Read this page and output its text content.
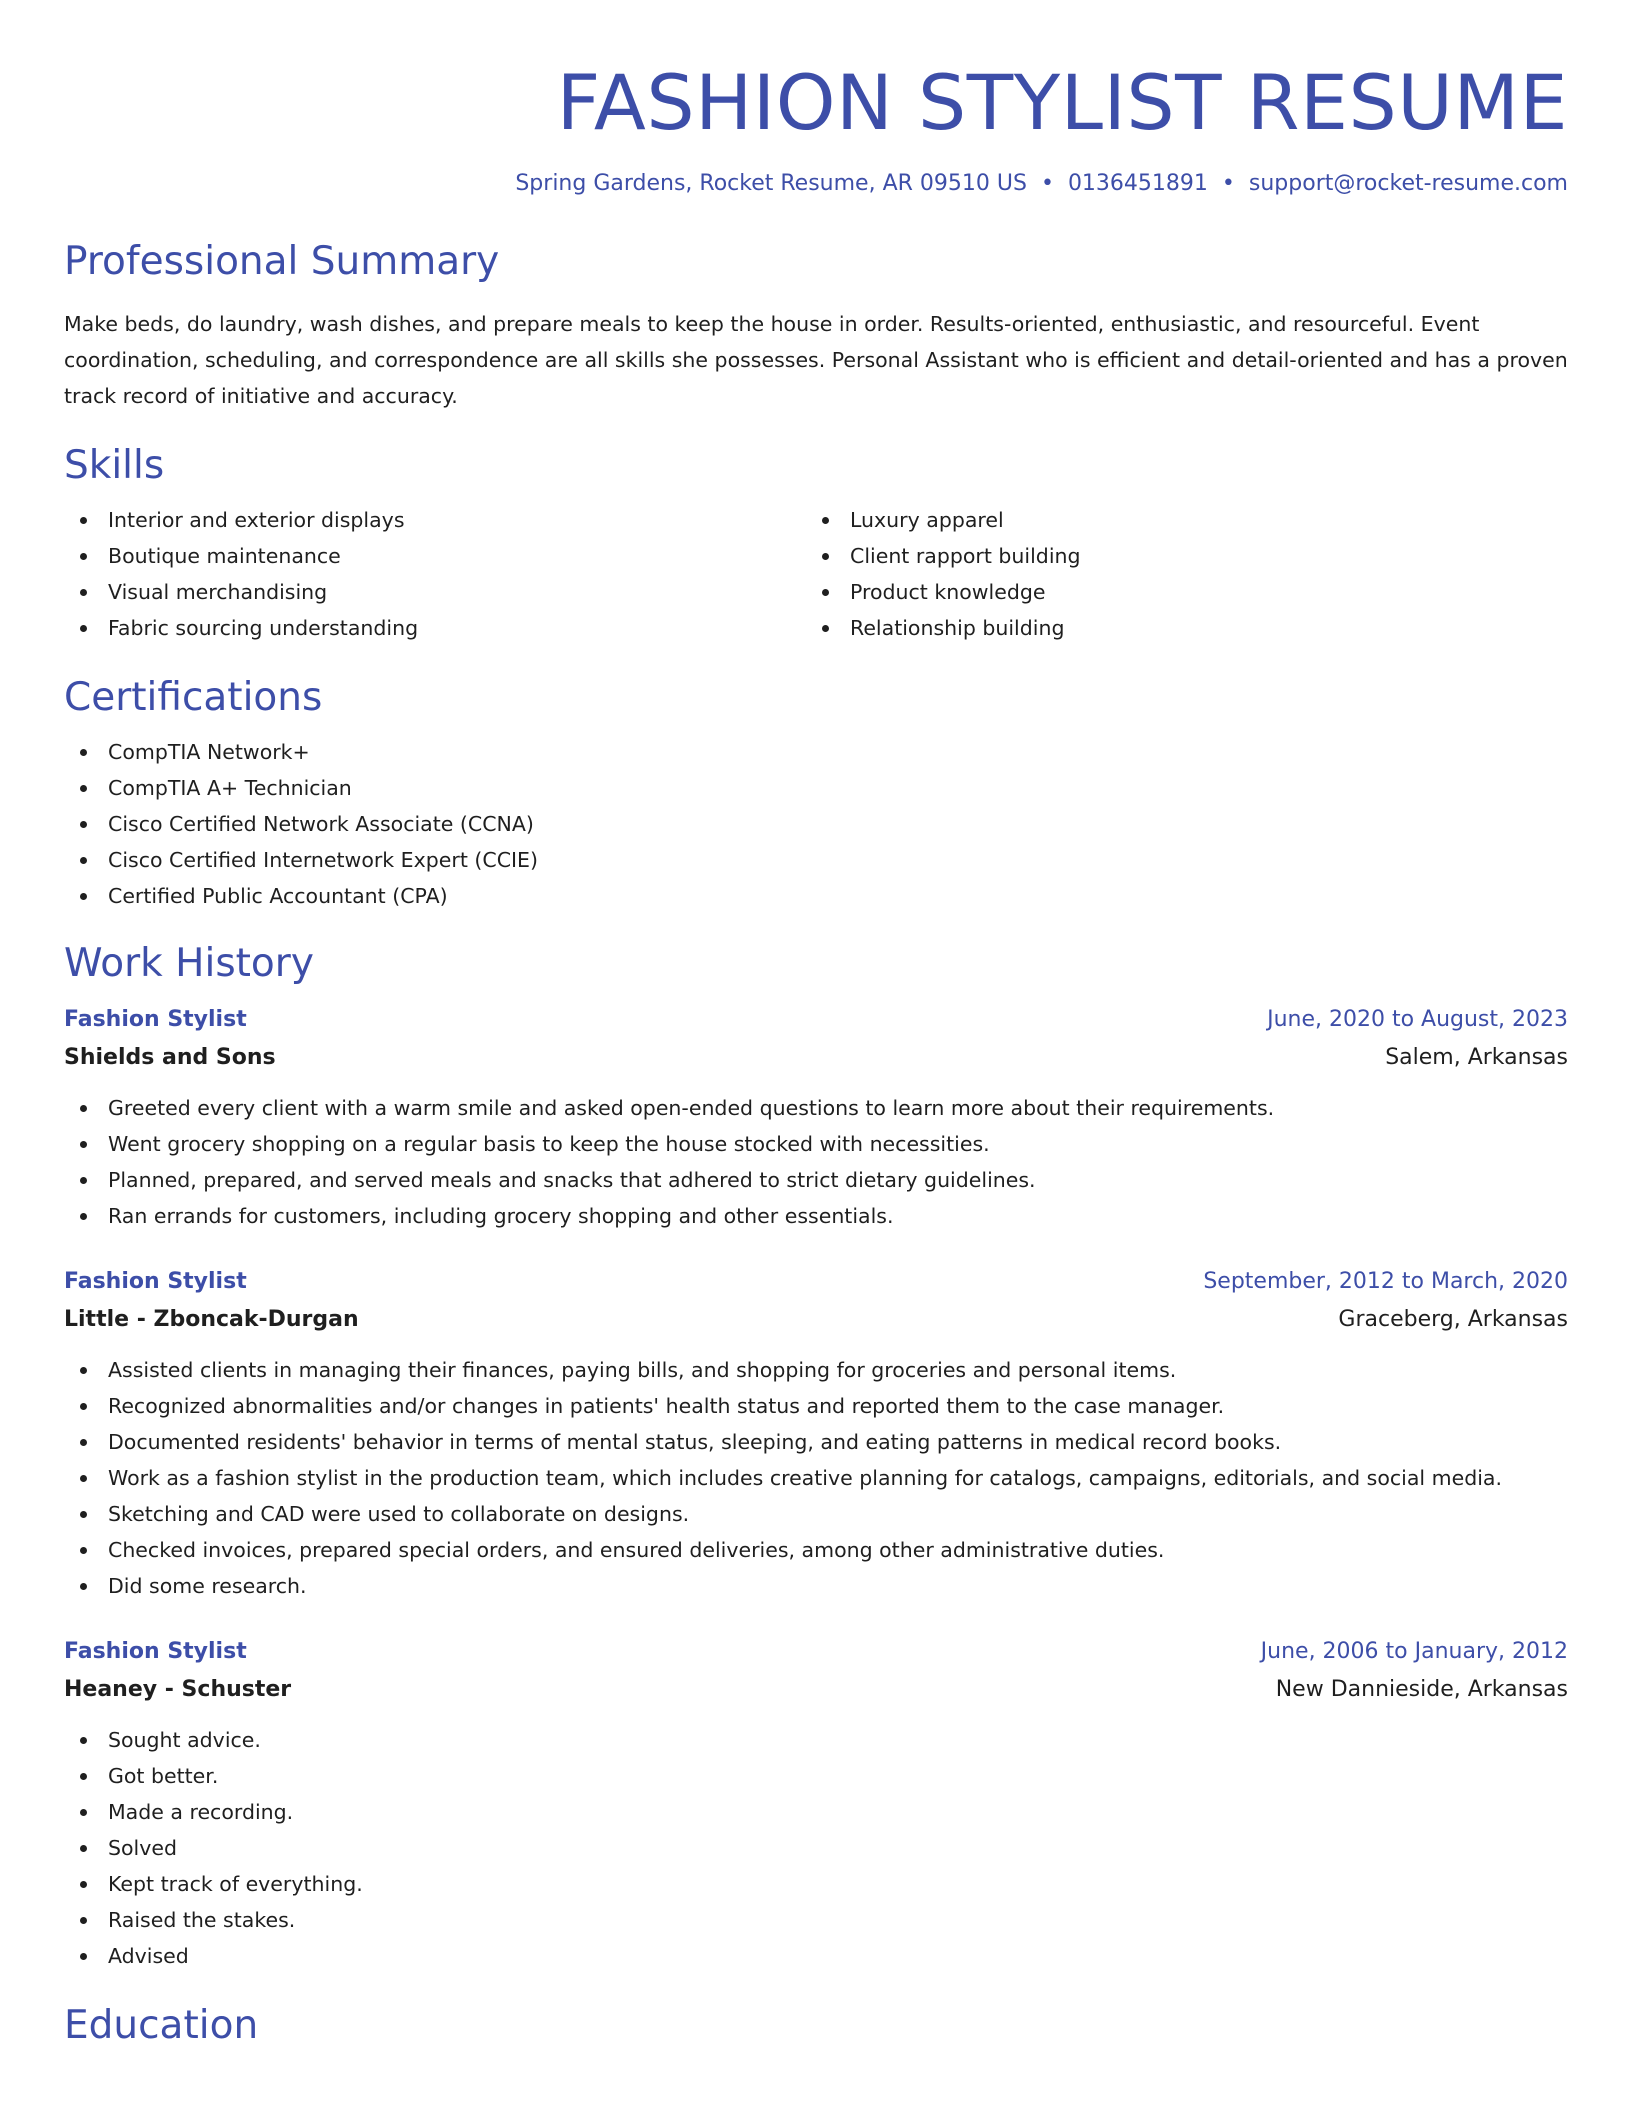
FASHION STYLIST RESUME
Spring Gardens, Rocket Resume, AR 09510 US • 0136451891 • support@rocket-resume.com
Professional Summary

Make beds, do laundry, wash dishes, and prepare meals to keep the house in order. Results-oriented, enthusiastic, and resourceful. Event coordination, scheduling, and correspondence are all skills she possesses. Personal Assistant who is efficient and detail-oriented and has a proven track record of initiative and accuracy.

Skills
Interior and exterior displays
Boutique maintenance
Visual merchandising
Fabric sourcing understanding
Luxury apparel
Client rapport building
Product knowledge
Relationship building
Certifications
CompTIA Network+
CompTIA A+ Technician
Cisco Certified Network Associate (CCNA)
Cisco Certified Internetwork Expert (CCIE)
Certified Public Accountant (CPA)
Work History
Fashion Stylist	June, 2020 to August, 2023
Shields and Sons	Salem, Arkansas
Greeted every client with a warm smile and asked open-ended questions to learn more about their requirements.
Went grocery shopping on a regular basis to keep the house stocked with necessities.
Planned, prepared, and served meals and snacks that adhered to strict dietary guidelines.
Ran errands for customers, including grocery shopping and other essentials.
Fashion Stylist	September, 2012 to March, 2020
Little - Zboncak-Durgan	Graceberg, Arkansas
Assisted clients in managing their finances, paying bills, and shopping for groceries and personal items.
Recognized abnormalities and/or changes in patients' health status and reported them to the case manager.
Documented residents' behavior in terms of mental status, sleeping, and eating patterns in medical record books.
Work as a fashion stylist in the production team, which includes creative planning for catalogs, campaigns, editorials, and social media.
Sketching and CAD were used to collaborate on designs.
Checked invoices, prepared special orders, and ensured deliveries, among other administrative duties.
Did some research.
Fashion Stylist	June, 2006 to January, 2012
Heaney - Schuster	New Dannieside, Arkansas
Sought advice.
Got better.
Made a recording.
Solved
Kept track of everything.
Raised the stakes.
Advised
Education
